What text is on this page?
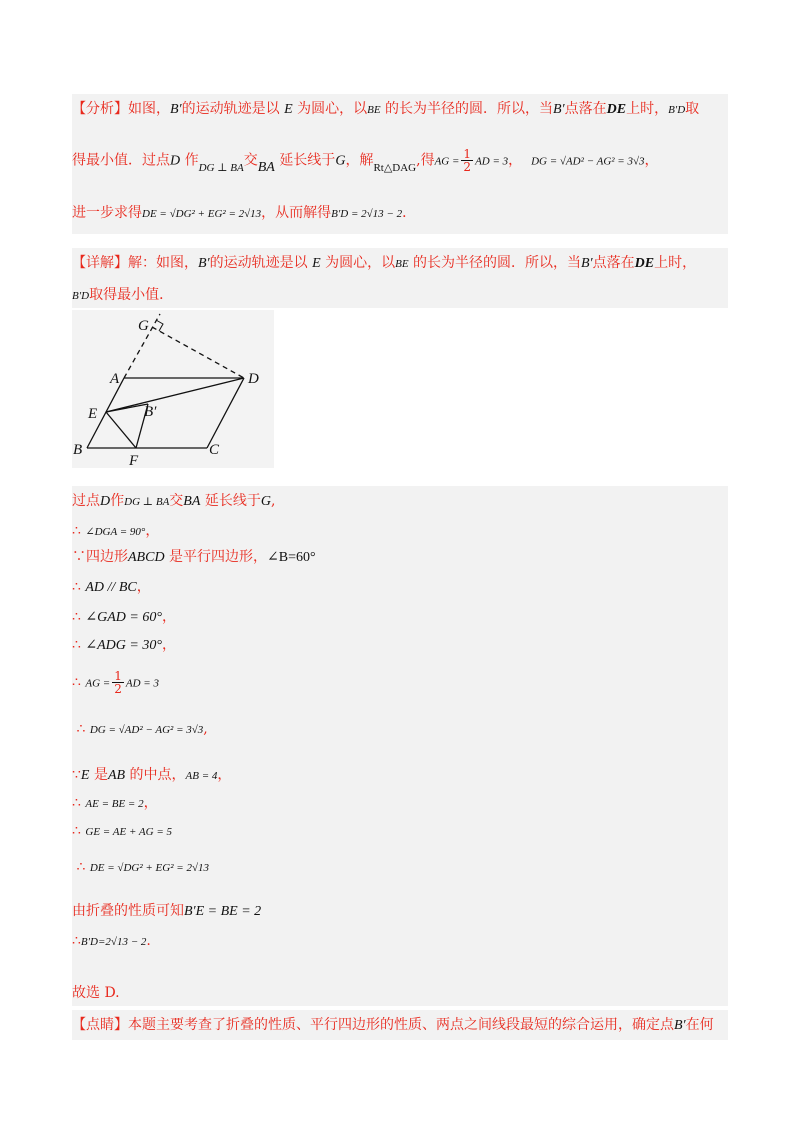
【分析】如图，B′的运动轨迹是以 E 为圆心，以BE 的长为半径的圆．所以，当B′点落在DE上时，B′D取
得最小值．过点D 作$_{DG \perp BA}$交BA 延长线于G，解$_{Rt\triangle DAG}$,得AG = $\frac{1}{2}$ AD = 3， DG = √AD² − AG² = 3√3，
进一步求得DE = √DG² + EG² = 2√13，从而解得B′D = 2√13 − 2．
【详解】解：如图，B′的运动轨迹是以 E 为圆心，以BE 的长为半径的圆．所以，当B′点落在DE上时，
B′D取得最小值．
G
A	D
E	B′
B
F
C
过点D作DG ⊥ BA交BA 延长线于G,
∴ ∠DGA = 90°，
∵四边形ABCD 是平行四边形，∠B=60°
∴ AD // BC，
∴ ∠GAD = 60°，
∴ ∠ADG = 30°，
∴ AG = $\frac{1}{2}$ AD = 3
∴ DG = √AD² − AG² = 3√3,
∵E 是AB 的中点，AB = 4，
∴ AE = BE = 2，
∴ GE = AE + AG = 5
∴ DE = √DG² + EG² = 2√13
由折叠的性质可知B′E = BE = 2
∴B′D=2√13 − 2.
故选 D.
【点睛】本题主要考查了折叠的性质、平行四边形的性质、两点之间线段最短的综合运用，确定点B′在何
